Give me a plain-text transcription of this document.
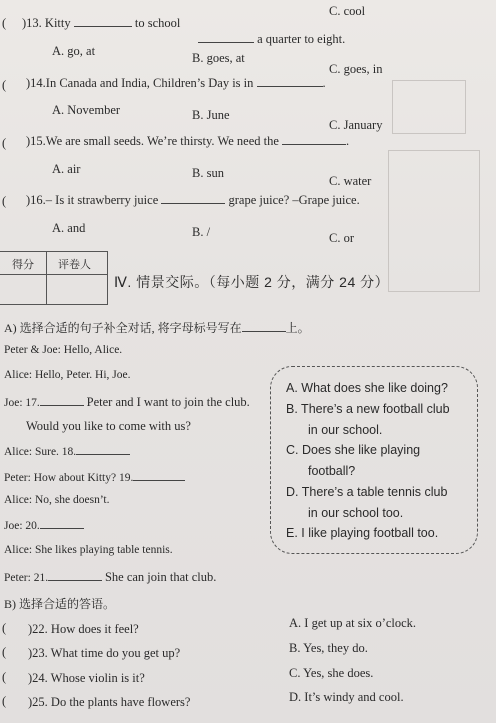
C. cool
( )13. Kitty	to school
a quarter to eight.
A. go, at	B. goes, at
C. goes, in
( )14.In Canada and India, Children’s Day is in	.
A. November	B. June
C. January
( )15.We are small seeds. We’re thirsty. We need the	.
A. air	B. sun
C. water
( )16.– Is it strawberry juice	grape juice? –Grape juice.
A. and	B. /	C. or
得分 评卷人
Ⅳ. 情景交际。（每小题 2 分，满分 24 分）
A) 选择合适的句子补全对话, 将字母标号写在	上。
Peter & Joe: Hello, Alice.
Alice: Hello, Peter. Hi, Joe.
Joe: 17.	Peter and I want to join the club.
Would you like to come with us?
Alice: Sure. 18.
Peter: How about Kitty? 19.
Alice: No, she doesn’t.
Joe: 20.
Alice: She likes playing table tennis.
Peter: 21.	She can join that club.
A. What does she like doing?
B. There’s a new football club
in our school.
C. Does she like playing
football?
D. There’s a table tennis club
in our school too.
E. I like playing football too.
B) 选择合适的答语。
( )22. How does it feel?	A. I get up at six o’clock.
( )23. What time do you get up?	B. Yes, they do.
( )24. Whose violin is it?	C. Yes, she does.
( )25. Do the plants have flowers?	D. It’s windy and cool.
